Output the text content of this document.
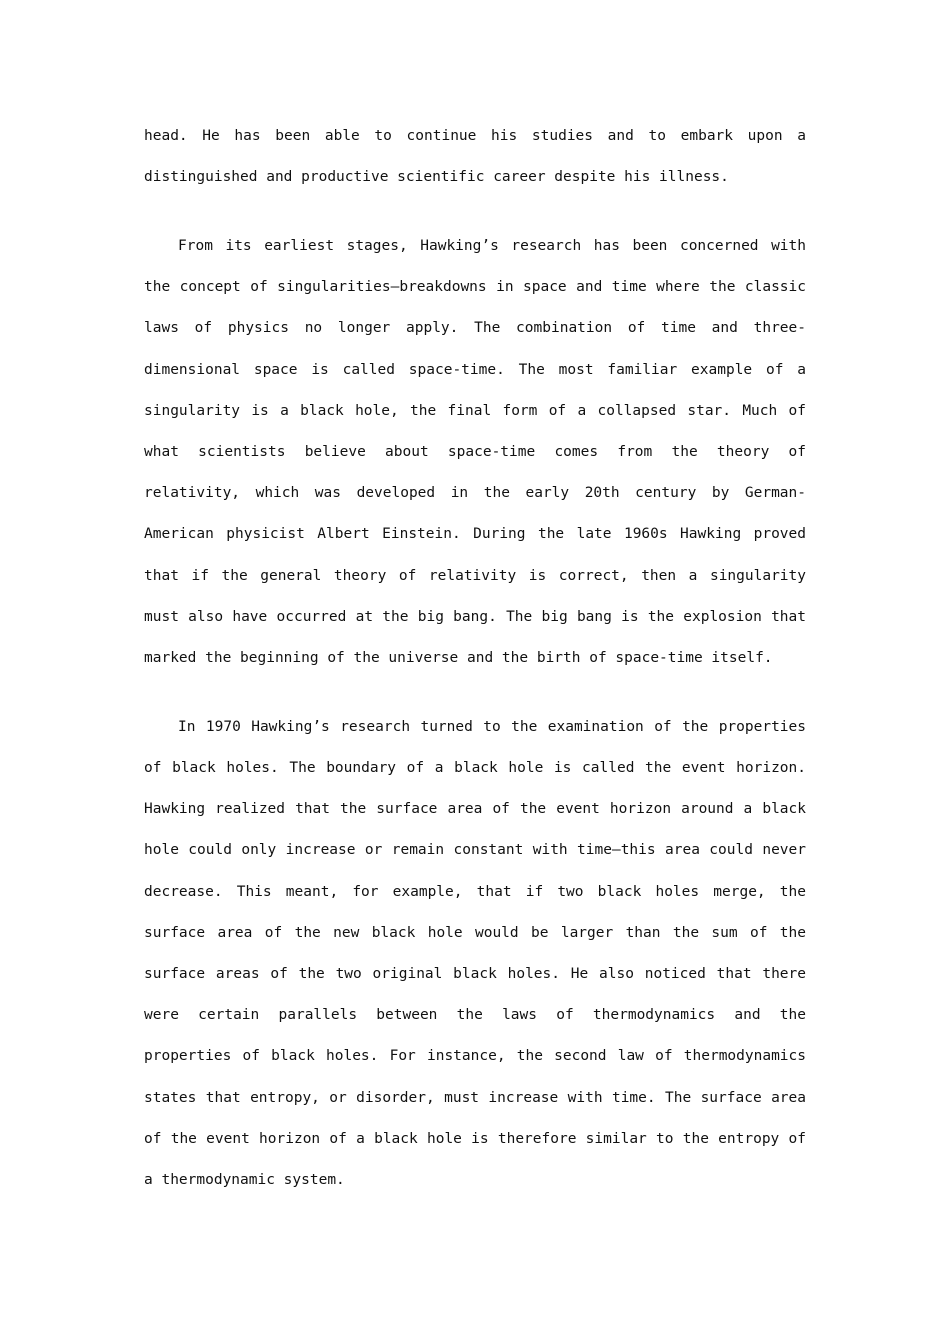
head. He has been able to continue his studies and to embark upon a distinguished and productive scientific career despite his illness.

From its earliest stages, Hawking’s research has been concerned with the concept of singularities—breakdowns in space and time where the classic laws of physics no longer apply. The combination of time and three-dimensional space is called space-time. The most familiar example of a singularity is a black hole, the final form of a collapsed star. Much of what scientists believe about space-time comes from the theory of relativity, which was developed in the early 20th century by German-American physicist Albert Einstein. During the late 1960s Hawking proved that if the general theory of relativity is correct, then a singularity must also have occurred at the big bang. The big bang is the explosion that marked the beginning of the universe and the birth of space-time itself.

In 1970 Hawking’s research turned to the examination of the properties of black holes. The boundary of a black hole is called the event horizon. Hawking realized that the surface area of the event horizon around a black hole could only increase or remain constant with time—this area could never decrease. This meant, for example, that if two black holes merge, the surface area of the new black hole would be larger than the sum of the surface areas of the two original black holes. He also noticed that there were certain parallels between the laws of thermodynamics and the properties of black holes. For instance, the second law of thermodynamics states that entropy, or disorder, must increase with time. The surface area of the event horizon of a black hole is therefore similar to the entropy of a thermodynamic system.
